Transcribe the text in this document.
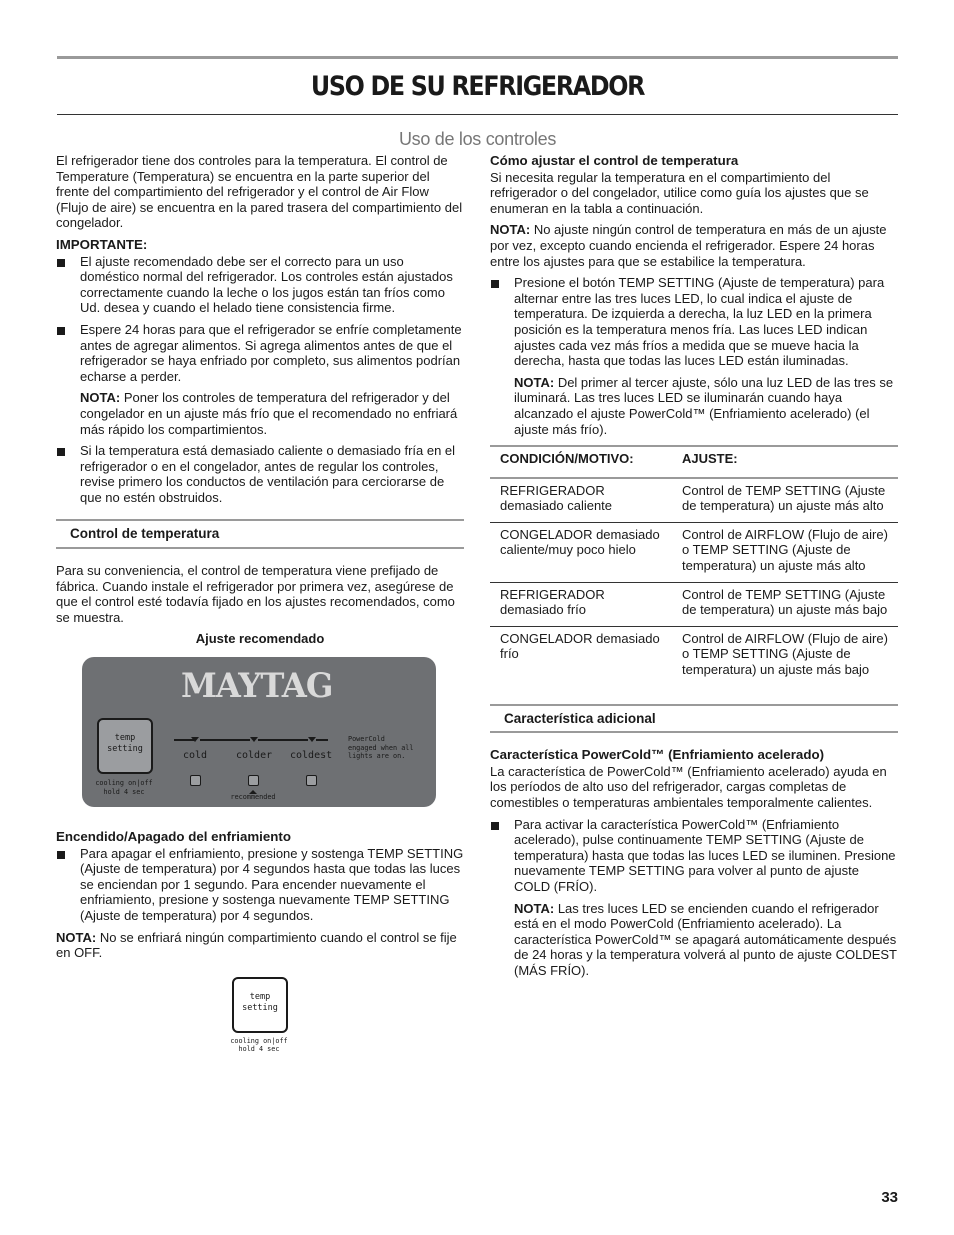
USO DE SU REFRIGERADOR
Uso de los controles

El refrigerador tiene dos controles para la temperatura. El control de Temperature (Temperatura) se encuentra en la parte superior del frente del compartimiento del refrigerador y el control de Air Flow (Flujo de aire) se encuentra en la pared trasera del compartimiento del congelador.

IMPORTANTE:

El ajuste recomendado debe ser el correcto para un uso doméstico normal del refrigerador. Los controles están ajustados correctamente cuando la leche o los jugos están tan fríos como Ud. desea y cuando el helado tiene consistencia firme.
Espere 24 horas para que el refrigerador se enfríe completamente antes de agregar alimentos. Si agrega alimentos antes de que el refrigerador se haya enfriado por completo, sus alimentos podrían echarse a perder.

NOTA: Poner los controles de temperatura del refrigerador y del congelador en un ajuste más frío que el recomendado no enfriará más rápido los compartimientos.

Si la temperatura está demasiado caliente o demasiado fría en el refrigerador o en el congelador, antes de regular los controles, revise primero los conductos de ventilación para cerciorarse de que no estén obstruidos.
Control de temperatura

Para su conveniencia, el control de temperatura viene prefijado de fábrica. Cuando instale el refrigerador por primera vez, asegúrese de que el control esté todavía fijado en los ajustes recomendados, como se muestra.

Ajuste recomendado

MAYTAG
temp
setting
cooling on|off
hold 4 sec
cold	colder coldest
recommended
PowerCold
engaged when all
lights are on.

Encendido/Apagado del enfriamiento

Para apagar el enfriamiento, presione y sostenga TEMP SETTING (Ajuste de temperatura) por 4 segundos hasta que todas las luces se enciendan por 1 segundo. Para encender nuevamente el enfriamiento, presione y sostenga nuevamente TEMP SETTING (Ajuste de temperatura) por 4 segundos.

NOTA: No se enfriará ningún compartimiento cuando el control se fije en OFF.

temp
setting
cooling on|off
hold 4 sec

Cómo ajustar el control de temperatura

Si necesita regular la temperatura en el compartimiento del refrigerador o del congelador, utilice como guía los ajustes que se enumeran en la tabla a continuación.

NOTA: No ajuste ningún control de temperatura en más de un ajuste por vez, excepto cuando encienda el refrigerador. Espere 24 horas entre los ajustes para que se estabilice la temperatura.

Presione el botón TEMP SETTING (Ajuste de temperatura) para alternar entre las tres luces LED, lo cual indica el ajuste de temperatura. De izquierda a derecha, la luz LED en la primera posición es la temperatura menos fría. Las luces LED indican ajustes cada vez más fríos a medida que se mueve hacia la derecha, hasta que todas las luces LED están iluminadas.

NOTA: Del primer al tercer ajuste, sólo una luz LED de las tres se iluminará. Las tres luces LED se iluminarán cuando haya alcanzado el ajuste PowerCold™ (Enfriamiento acelerado) (el ajuste más frío).

CONDICIÓN/MOTIVO:	AJUSTE:
REFRIGERADOR demasiado caliente	Control de TEMP SETTING (Ajuste de temperatura) un ajuste más alto
CONGELADOR demasiado caliente/muy poco hielo	Control de AIRFLOW (Flujo de aire) o TEMP SETTING (Ajuste de temperatura) un ajuste más alto
REFRIGERADOR demasiado frío	Control de TEMP SETTING (Ajuste de temperatura) un ajuste más bajo
CONGELADOR demasiado frío	Control de AIRFLOW (Flujo de aire) o TEMP SETTING (Ajuste de temperatura) un ajuste más bajo
Característica adicional

Característica PowerCold™ (Enfriamiento acelerado)

La característica de PowerCold™ (Enfriamiento acelerado) ayuda en los períodos de alto uso del refrigerador, cargas completas de comestibles o temperaturas ambientales temporalmente calientes.

Para activar la característica PowerCold™ (Enfriamiento acelerado), pulse continuamente TEMP SETTING (Ajuste de temperatura) hasta que todas las luces LED se iluminen. Presione nuevamente TEMP SETTING para volver al punto de ajuste COLD (FRÍO).

NOTA: Las tres luces LED se encienden cuando el refrigerador está en el modo PowerCold (Enfriamiento acelerado). La característica PowerCold™ se apagará automáticamente después de 24 horas y la temperatura volverá al punto de ajuste COLDEST (MÁS FRÍO).

33
